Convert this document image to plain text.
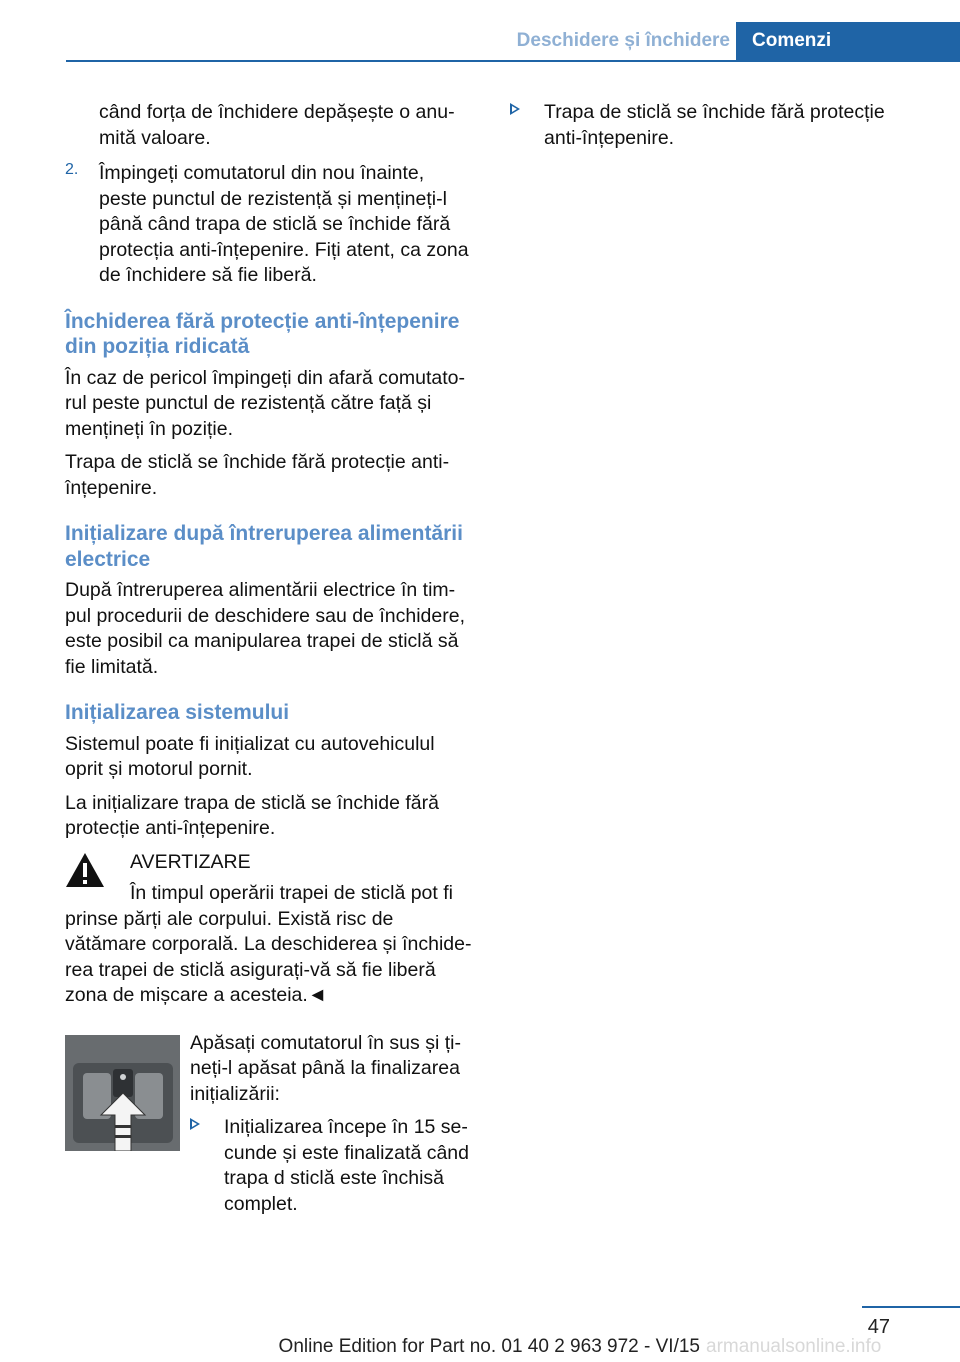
Deschidere și închidere	Comenzi

când forța de închidere depășește o anu-mită valoare.

2. Împingeți comutatorul din nou înainte, peste punctul de rezistență și mențineți-l până când trapa de sticlă se închide fără protecția anti-înțepenire. Fiți atent, ca zona de închidere să fie liberă.

Închiderea fără protecție anti-înțepenire din poziția ridicată

În caz de pericol împingeți din afară comutato-rul peste punctul de rezistență către față și mențineți în poziție.

Trapa de sticlă se închide fără protecție anti-înțepenire.

Inițializare după întreruperea alimentării electrice

După întreruperea alimentării electrice în tim-pul procedurii de deschidere sau de închidere, este posibil ca manipularea trapei de sticlă să fie limitată.

Inițializarea sistemului

Sistemul poate fi inițializat cu autovehiculul oprit și motorul pornit.

La inițializare trapa de sticlă se închide fără protecție anti-înțepenire.

AVERTIZARE

În timpul operării trapei de sticlă pot fi prinse părți ale corpului. Există risc de vătămare corporală. La deschiderea și închide-rea trapei de sticlă asigurați-vă să fie liberă zona de mișcare a acesteia.◄

Apăsați comutatorul în sus și ți-neți-l apăsat până la finalizarea inițializării:

Inițializarea începe în 15 se-cunde și este finalizată când trapa d sticlă este închisă complet.

Trapa de sticlă se închide fără protecție anti-înțepenire.

47
Online Edition for Part no. 01 40 2 963 972 - VI/15 armanualsonline.info
